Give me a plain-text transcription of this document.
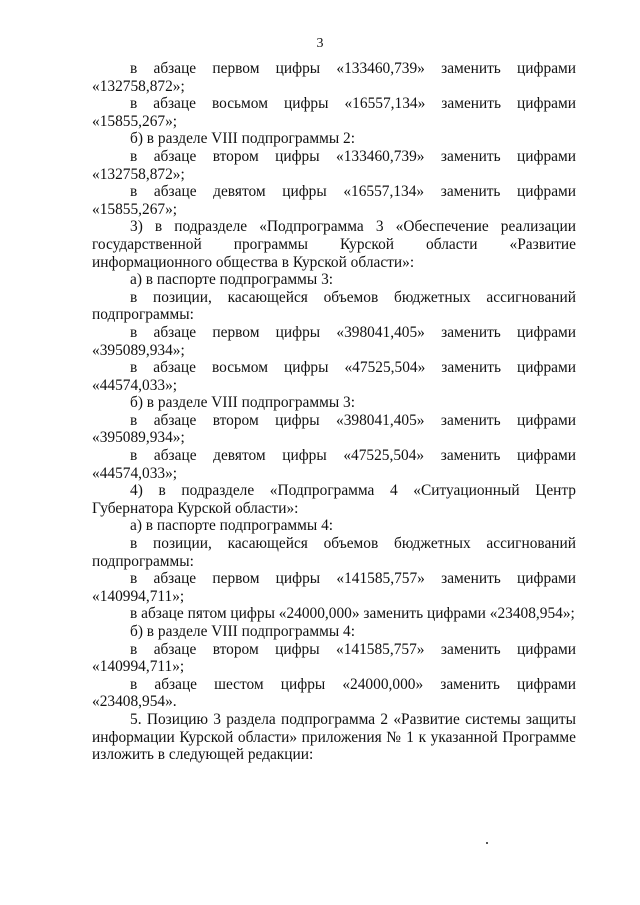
3

в абзаце первом цифры «133460,739» заменить цифрами «132758,872»;

в абзаце восьмом цифры «16557,134» заменить цифрами «15855,267»;

б) в разделе VIII подпрограммы 2:

в абзаце втором цифры «133460,739» заменить цифрами «132758,872»;

в абзаце девятом цифры «16557,134» заменить цифрами «15855,267»;

3) в подразделе «Подпрограмма 3 «Обеспечение реализации государственной программы Курской области «Развитие информационного общества в Курской области»:

а) в паспорте подпрограммы 3:

в позиции, касающейся объемов бюджетных ассигнований подпрограммы:

в абзаце первом цифры «398041,405» заменить цифрами «395089,934»;

в абзаце восьмом цифры «47525,504» заменить цифрами «44574,033»;

б) в разделе VIII подпрограммы 3:

в абзаце втором цифры «398041,405» заменить цифрами «395089,934»;

в абзаце девятом цифры «47525,504» заменить цифрами «44574,033»;

4) в подразделе «Подпрограмма 4 «Ситуационный Центр Губернатора Курской области»:

а) в паспорте подпрограммы 4:

в позиции, касающейся объемов бюджетных ассигнований подпрограммы:

в абзаце первом цифры «141585,757» заменить цифрами «140994,711»;

в абзаце пятом цифры «24000,000» заменить цифрами «23408,954»;

б) в разделе VIII подпрограммы 4:

в абзаце втором цифры «141585,757» заменить цифрами «140994,711»;

в абзаце шестом цифры «24000,000» заменить цифрами «23408,954».

5. Позицию 3 раздела подпрограмма 2 «Развитие системы защиты информации Курской области» приложения № 1 к указанной Программе изложить в следующей редакции:
